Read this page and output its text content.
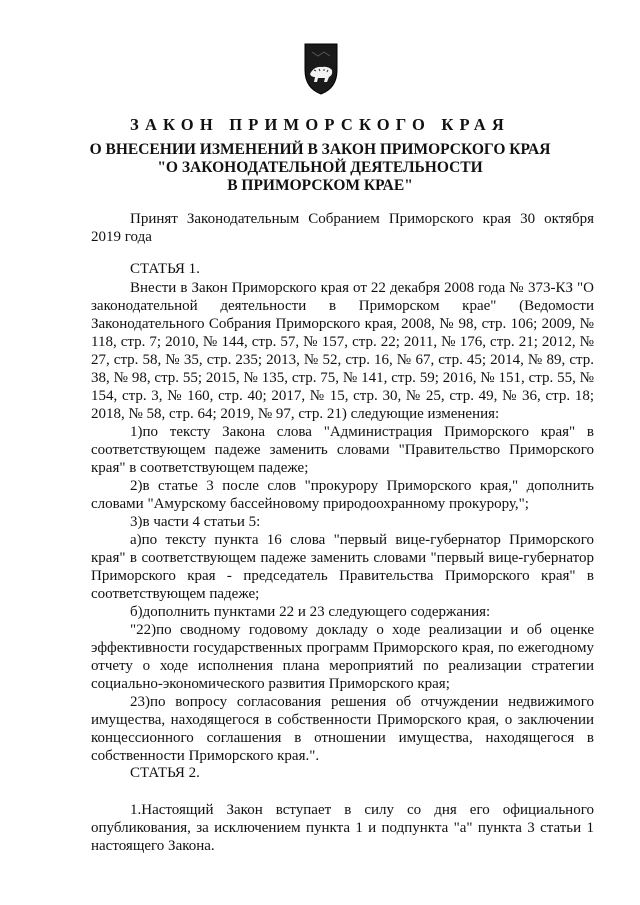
ЗАКОН ПРИМОРСКОГО КРАЯ
О ВНЕСЕНИИ ИЗМЕНЕНИЙ В ЗАКОН ПРИМОРСКОГО КРАЯ
"О ЗАКОНОДАТЕЛЬНОЙ ДЕЯТЕЛЬНОСТИ
В ПРИМОРСКОМ КРАЕ"
Принят Законодательным Собранием Приморского края 30 октября 2019 года
СТАТЬЯ 1.
Внести в Закон Приморского края от 22 декабря 2008 года № 373-КЗ "О законодательной деятельности в Приморском крае" (Ведомости Законодательного Собрания Приморского края, 2008, № 98, стр. 106; 2009, № 118, стр. 7; 2010, № 144, стр. 57, № 157, стр. 22; 2011, № 176, стр. 21; 2012, № 27, стр. 58, № 35, стр. 235; 2013, № 52, стр. 16, № 67, стр. 45; 2014, № 89, стр. 38, № 98, стр. 55; 2015, № 135, стр. 75, № 141, стр. 59; 2016, № 151, стр. 55, № 154, стр. 3, № 160, стр. 40; 2017, № 15, стр. 30, № 25, стр. 49, № 36, стр. 18; 2018, № 58, стр. 64; 2019, № 97, стр. 21) следующие изменения:
1)по тексту Закона слова "Администрация Приморского края" в соответствующем падеже заменить словами "Правительство Приморского края" в соответствующем падеже;
2)в статье 3 после слов "прокурору Приморского края," дополнить словами "Амурскому бассейновому природоохранному прокурору,";
3)в части 4 статьи 5:
а)по тексту пункта 16 слова "первый вице-губернатор Приморского края" в соответствующем падеже заменить словами "первый вице-губернатор Приморского края - председатель Правительства Приморского края" в соответствующем падеже;
б)дополнить пунктами 22 и 23 следующего содержания:
"22)по сводному годовому докладу о ходе реализации и об оценке эффективности государственных программ Приморского края, по ежегодному отчету о ходе исполнения плана мероприятий по реализации стратегии социально-экономического развития Приморского края;
23)по вопросу согласования решения об отчуждении недвижимого имущества, находящегося в собственности Приморского края, о заключении концессионного соглашения в отношении имущества, находящегося в собственности Приморского края.".
СТАТЬЯ 2.
1.Настоящий Закон вступает в силу со дня его официального опубликования, за исключением пункта 1 и подпункта "а" пункта 3 статьи 1 настоящего Закона.
